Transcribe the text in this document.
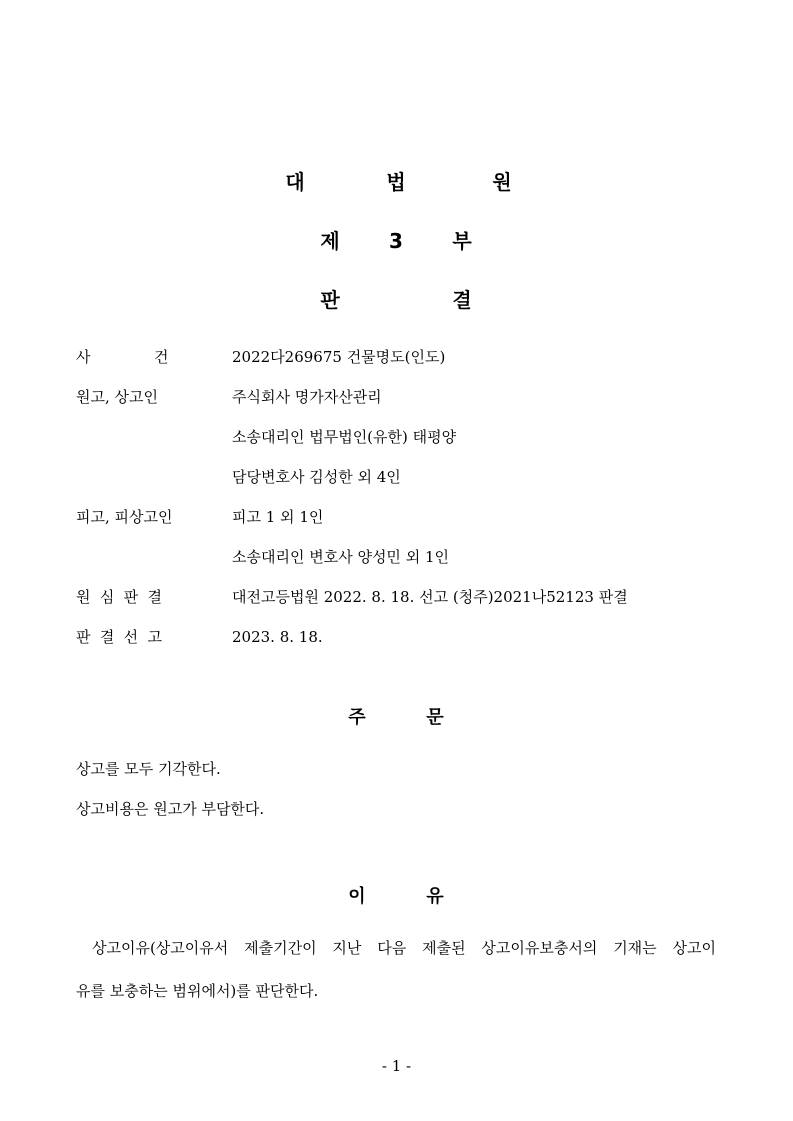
대	법	원
제 3 부
판	결
사	건	2022다269675 건물명도(인도)
원고, 상고인	주식회사 명가자산관리
소송대리인 법무법인(유한) 태평양
담당변호사 김성한 외 4인
피고, 피상고인	피고 1 외 1인
소송대리인 변호사 양성민 외 1인
원 심 판 결	대전고등법원 2022. 8. 18. 선고 (청주)2021나52123 판결
판 결 선 고	2023. 8. 18.
주	문
상고를 모두 기각한다.
상고비용은 원고가 부담한다.
이	유
상고이유(상고이유서 제출기간이 지난 다음 제출된 상고이유보충서의 기재는 상고이
유를 보충하는 범위에서)를 판단한다.
- 1 -
